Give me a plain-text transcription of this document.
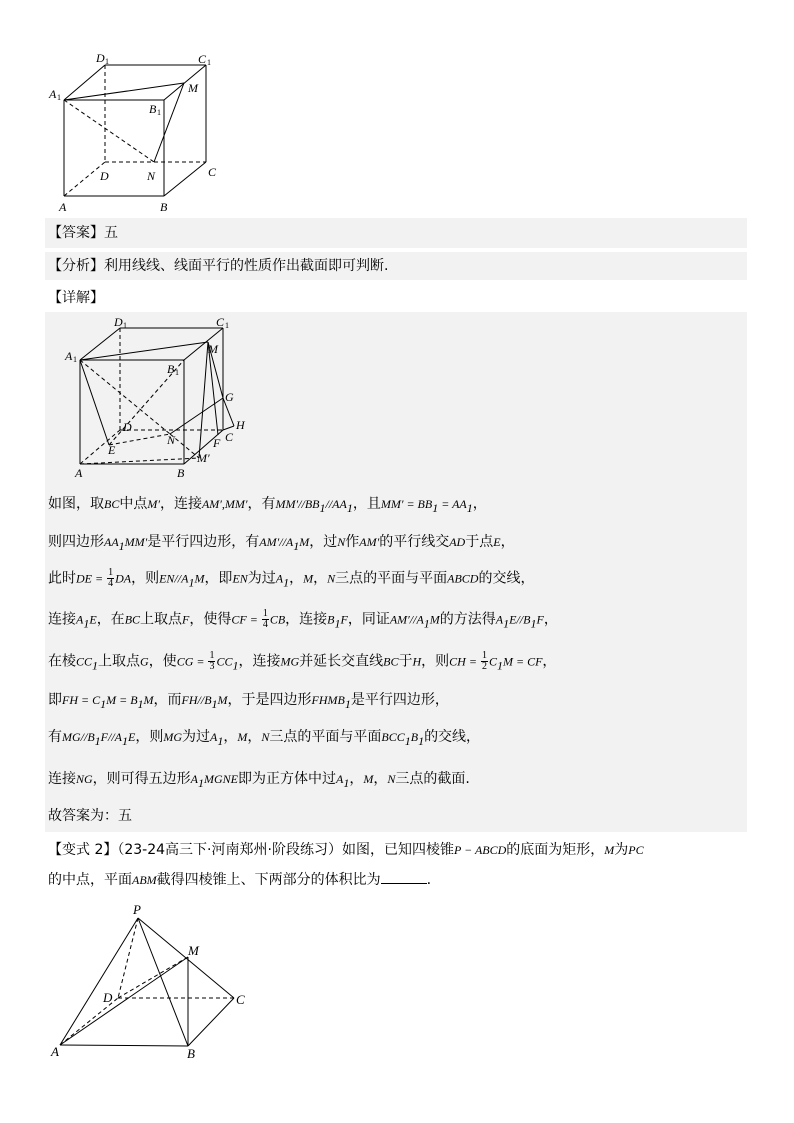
D 1	C 1
A 1
B 1
M
N
D	C
A	B
【答案】五
【分析】利用线线、线面平行的性质作出截面即可判断.
【详解】
D 1	C 1
A 1
B 1
M
G
H
C
D
N
E	F
A	B
M′
如图，取BC中点M′，连接AM′,MM′，有$MM'//BB_1//AA_1$，且$MM' = BB_1 = AA_1$，
则四边形$AA_1MM'$是平行四边形，有$AM'//A_1M$，过N作AM′的平行线交AD于点E，
此时DE = $\frac{1}{4}$ DA，则$EN//A_1M$，即EN为过$A_1$，M，N三点的平面与平面ABCD的交线，
连接$A_1E$，在BC上取点F，使得CF = $\frac{1}{4}$ CB，连接$B_1F$，同证$AM'//A_1M$的方法得$A_1E//B_1F$，
在棱$CC_1$上取点G，使CG = $\frac{1}{3} CC_1$，连接MG并延长交直线BC于H，则CH = $\frac{1}{2} C_1M$ = CF，
即FH = $C_1M = B_1M$，而$FH//B_1M$，于是四边形$FHMB_1$是平行四边形，
有$MG//B_1F//A_1E$，则MG为过$A_1$，M，N三点的平面与平面$BCC_1B_1$的交线，
连接NG，则可得五边形$A_1MGNE$即为正方体中过$A_1$，M，N三点的截面.
故答案为：五
【变式 2】（23-24高三下·河南郑州·阶段练习）如图，已知四棱锥P − ABCD的底面为矩形，M为PC
的中点，平面ABM截得四棱锥上、下两部分的体积比为	.
P
M
D	C
A	B
